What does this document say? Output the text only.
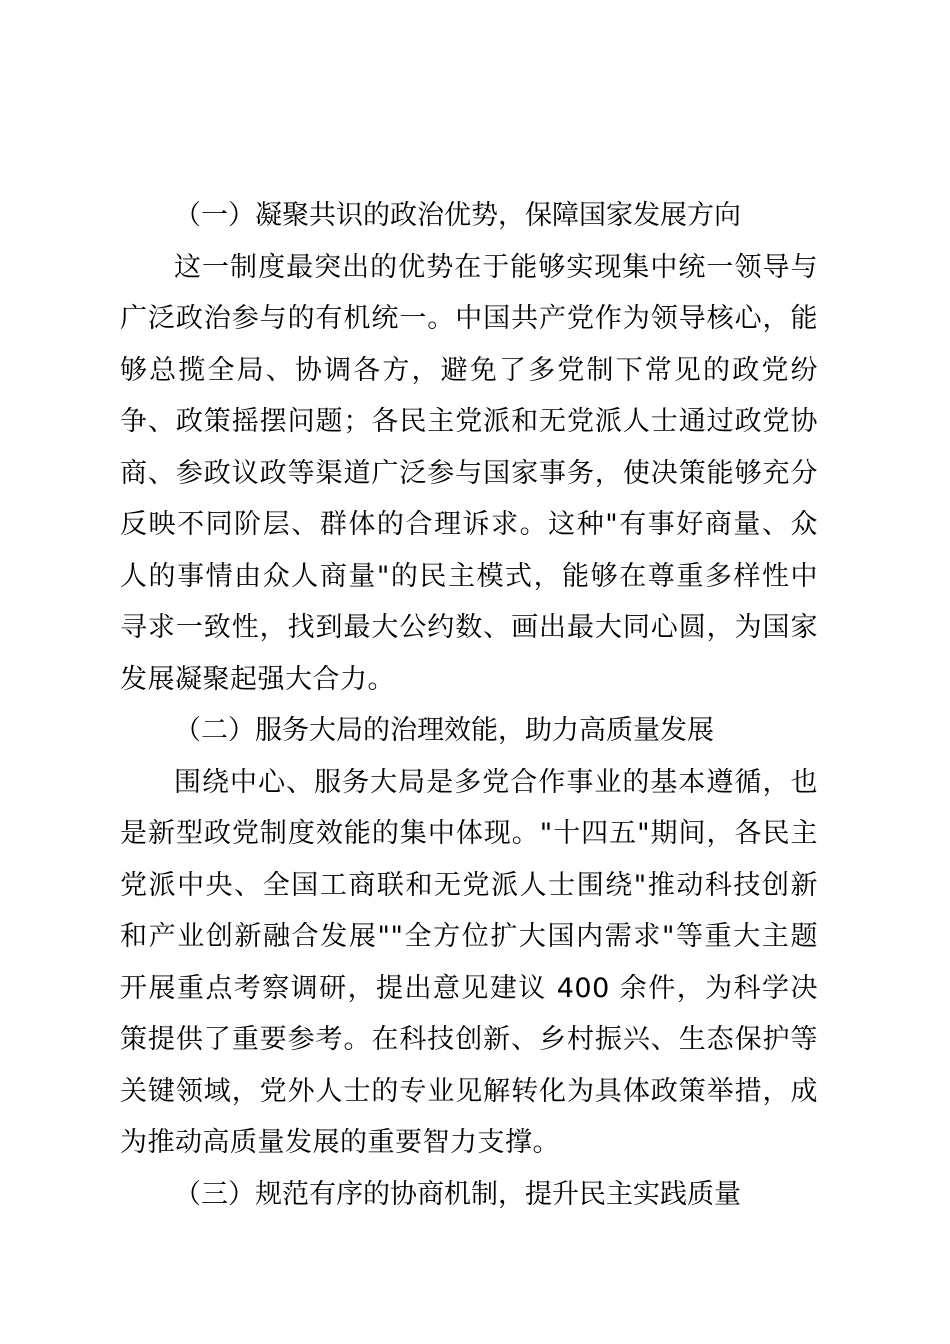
（一）凝聚共识的政治优势，保障国家发展方向

这一制度最突出的优势在于能够实现集中统一领导与广泛政治参与的有机统一。中国共产党作为领导核心，能够总揽全局、协调各方，避免了多党制下常见的政党纷争、政策摇摆问题；各民主党派和无党派人士通过政党协商、参政议政等渠道广泛参与国家事务，使决策能够充分反映不同阶层、群体的合理诉求。这种"有事好商量、众人的事情由众人商量"的民主模式，能够在尊重多样性中寻求一致性，找到最大公约数、画出最大同心圆，为国家发展凝聚起强大合力。

（二）服务大局的治理效能，助力高质量发展

围绕中心、服务大局是多党合作事业的基本遵循，也是新型政党制度效能的集中体现。"十四五"期间，各民主党派中央、全国工商联和无党派人士围绕"推动科技创新和产业创新融合发展""全方位扩大国内需求"等重大主题开展重点考察调研，提出意见建议 400 余件，为科学决策提供了重要参考。在科技创新、乡村振兴、生态保护等关键领域，党外人士的专业见解转化为具体政策举措，成为推动高质量发展的重要智力支撑。

（三）规范有序的协商机制，提升民主实践质量
